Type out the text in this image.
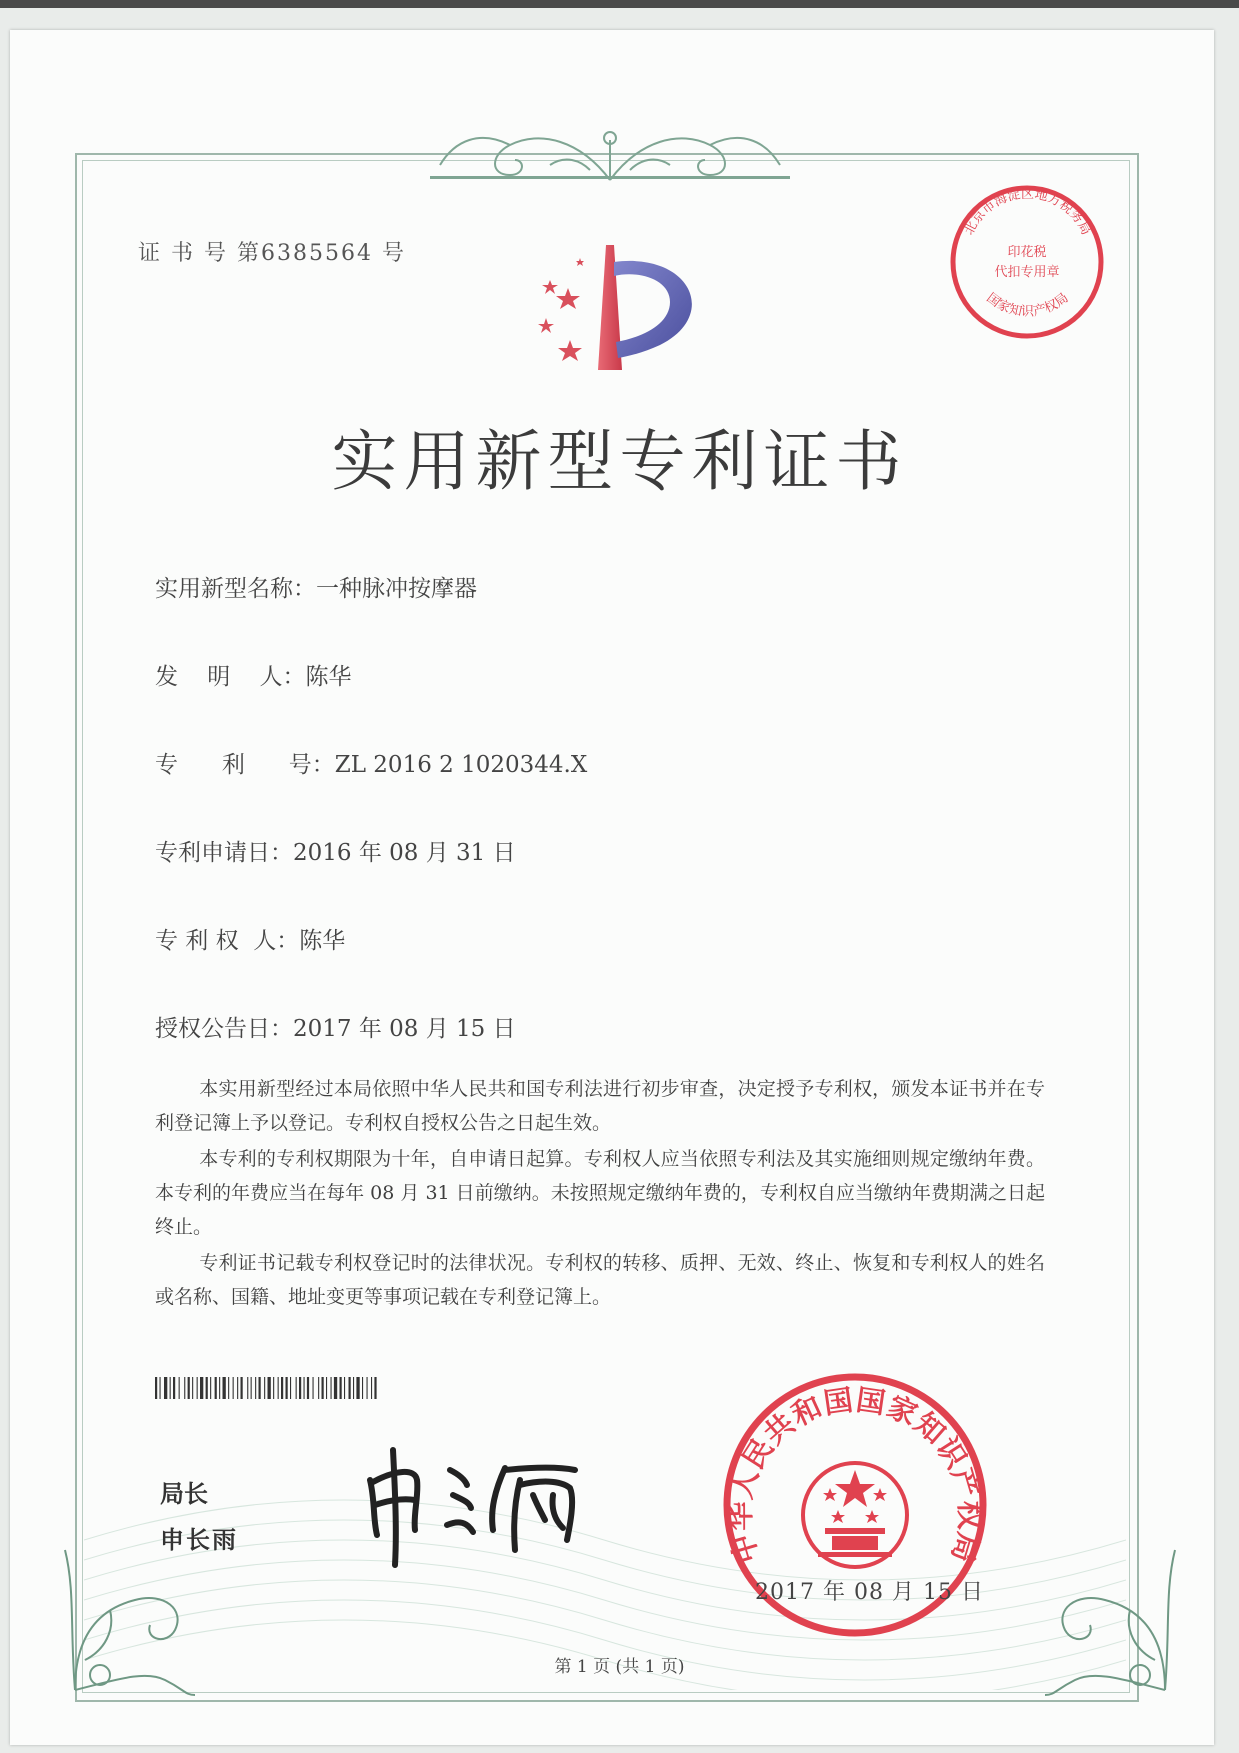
证 书 号 第6385564 号
北京市海淀区地方税务局
印花税
代扣专用章
国家知识产权局
实用新型专利证书
实用新型名称：一种脉冲按摩器
发    明    人：陈华
专      利      号：ZL 2016 2 1020344.X
专利申请日：2016 年 08 月 31 日
专 利 权  人：陈华
授权公告日：2017 年 08 月 15 日
本实用新型经过本局依照中华人民共和国专利法进行初步审查，决定授予专利权，颁发本证书并在专利登记簿上予以登记。专利权自授权公告之日起生效。
本专利的专利权期限为十年，自申请日起算。专利权人应当依照专利法及其实施细则规定缴纳年费。本专利的年费应当在每年 08 月 31 日前缴纳。未按照规定缴纳年费的，专利权自应当缴纳年费期满之日起终止。
专利证书记载专利权登记时的法律状况。专利权的转移、质押、无效、终止、恢复和专利权人的姓名或名称、国籍、地址变更等事项记载在专利登记簿上。
局长
申长雨	中华人民共和国国家知识产权局
2017 年 08 月 15 日
第 1 页 (共 1 页)
